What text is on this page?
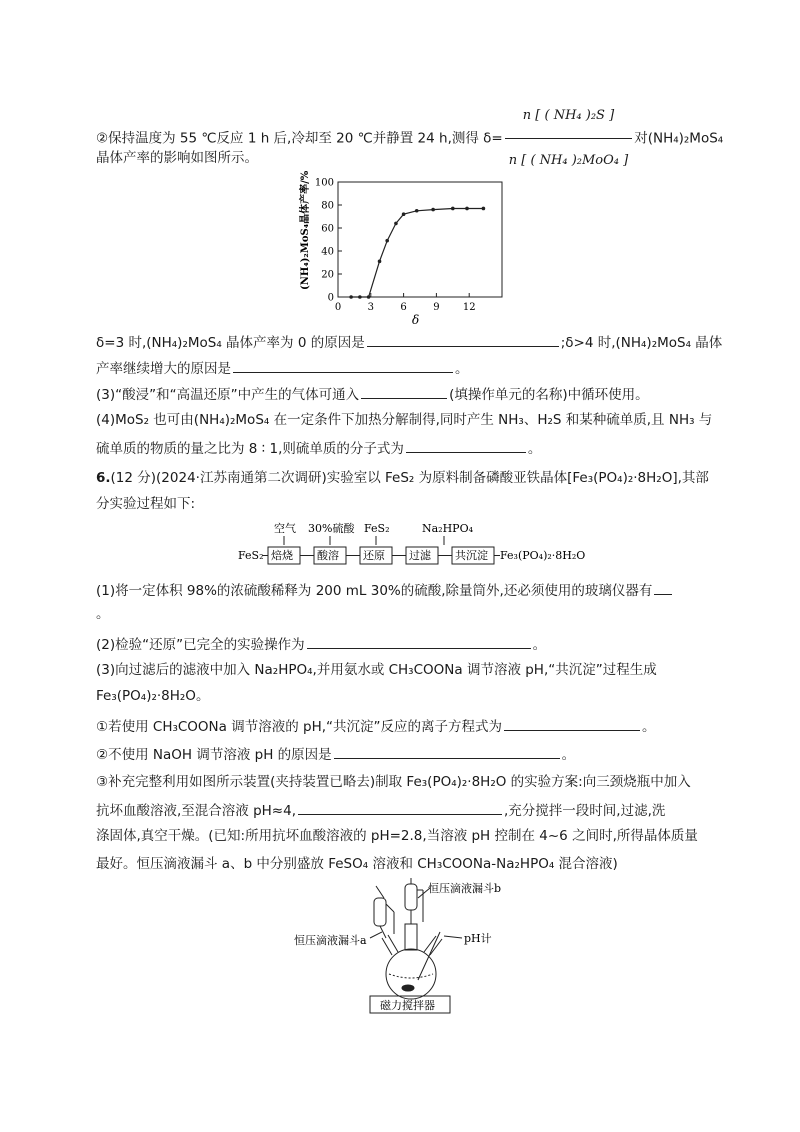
②保持温度为 55 ℃反应 1 h 后,冷却至 20 ℃并静置 24 h,测得 $\delta= \frac{\text{n [ ( NH₄ )₂S ]}}{\text{n [ ( NH₄ )₂MoO₄ ]}}$ 对(NH₄)₂MoS₄
晶体产率的影响如图所示。
0	3	6	9 12
0
20
40
60
80
100
(NH₄)₂MoS₄晶体产率/%
δ
δ=3 时,(NH₄)₂MoS₄ 晶体产率为 0 的原因是	;δ>4 时,(NH₄)₂MoS₄ 晶体
产率继续增大的原因是	。
(3)“酸浸”和“高温还原”中产生的气体可通入	(填操作单元的名称)中循环使用。
(4)MoS₂ 也可由(NH₄)₂MoS₄ 在一定条件下加热分解制得,同时产生 NH₃、H₂S 和某种硫单质,且 NH₃ 与
硫单质的物质的量之比为 8 ∶ 1,则硫单质的分子式为	。
6.(12 分)(2024·江苏南通第二次调研)实验室以 FeS₂ 为原料制备磷酸亚铁晶体[Fe₃(PO₄)₂·8H₂O],其部
分实验过程如下:
空气 30%硫酸 FeS₂	Na₂HPO₄
FeS₂ 焙烧 酸溶 还原 过滤 共沉淀 Fe₃(PO₄)₂·8H₂O
(1)将一定体积 98%的浓硫酸稀释为 200 mL 30%的硫酸,除量筒外,还必须使用的玻璃仪器有
。
(2)检验“还原”已完全的实验操作为	。
(3)向过滤后的滤液中加入 Na₂HPO₄,并用氨水或 CH₃COONa 调节溶液 pH,“共沉淀”过程生成
Fe₃(PO₄)₂·8H₂O。
①若使用 CH₃COONa 调节溶液的 pH,“共沉淀”反应的离子方程式为	。
②不使用 NaOH 调节溶液 pH 的原因是	。
③补充完整利用如图所示装置(夹持装置已略去)制取 Fe₃(PO₄)₂·8H₂O 的实验方案:向三颈烧瓶中加入
抗坏血酸溶液,至混合溶液 pH≈4,	,充分搅拌一段时间,过滤,洗
涤固体,真空干燥。(已知:所用抗坏血酸溶液的 pH=2.8,当溶液 pH 控制在 4~6 之间时,所得晶体质量
最好。恒压滴液漏斗 a、b 中分别盛放 FeSO₄ 溶液和 CH₃COONa-Na₂HPO₄ 混合溶液)
恒压滴液漏斗a
恒压滴液漏斗b
pH计
磁力搅拌器
